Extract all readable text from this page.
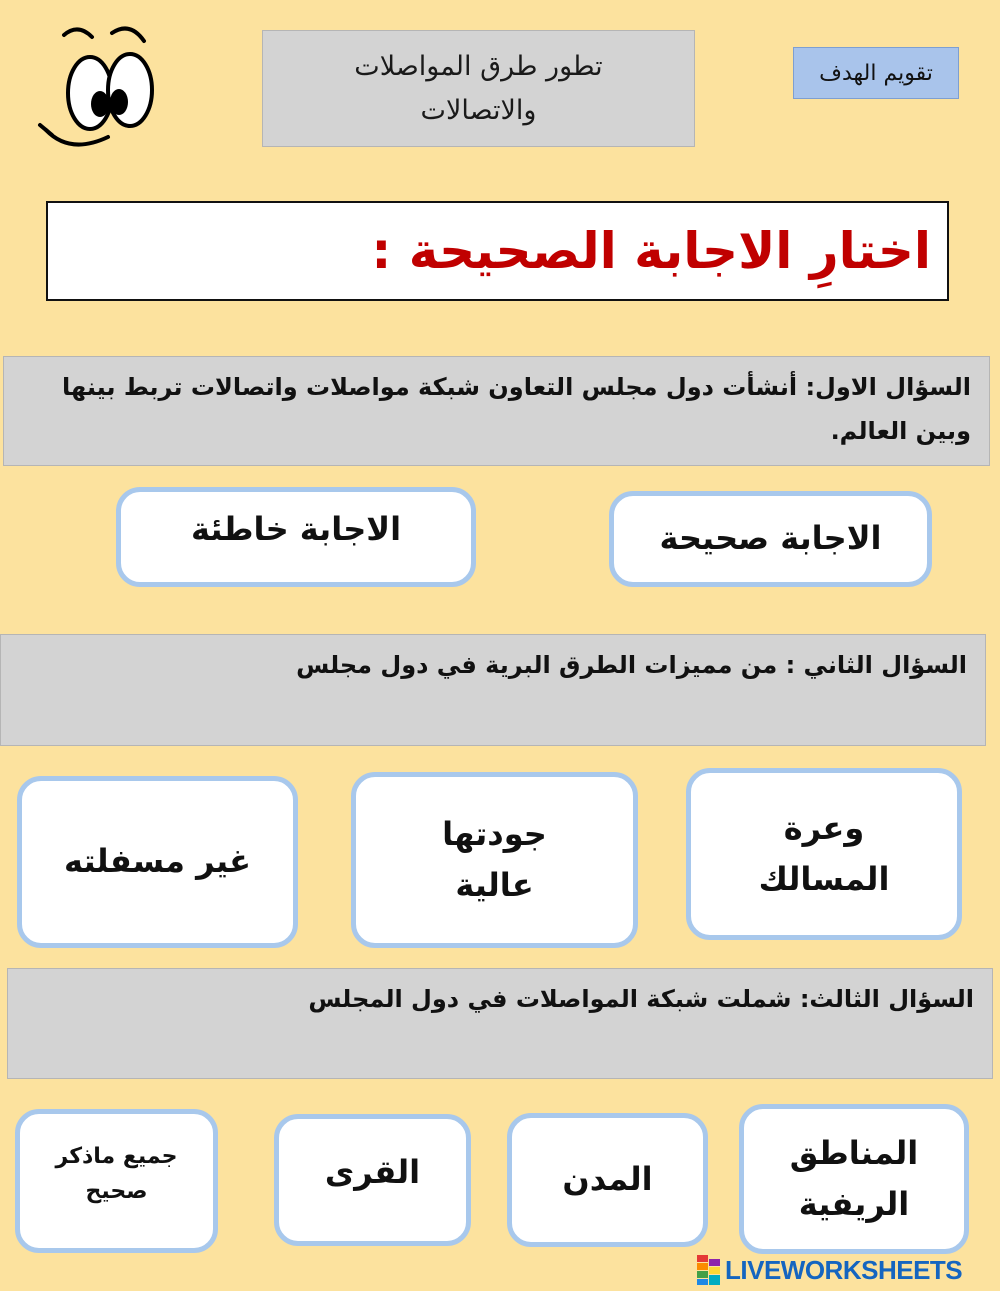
تطور طرق المواصلات
والاتصالات
تقويم الهدف
اختارِ الاجابة الصحيحة :
السؤال الاول: أنشأت دول مجلس التعاون شبكة مواصلات واتصالات تربط بينها وبين العالم.
الاجابة صحيحة
الاجابة خاطئة
السؤال الثاني : من مميزات الطرق البرية في دول مجلس
وعرة المسالك
جودتها عالية
غير مسفلته
السؤال الثالث: شملت شبكة المواصلات في دول المجلس
المناطق الريفية
المدن
القرى
جميع ماذكر صحيح
LIVEWORKSHEETS
